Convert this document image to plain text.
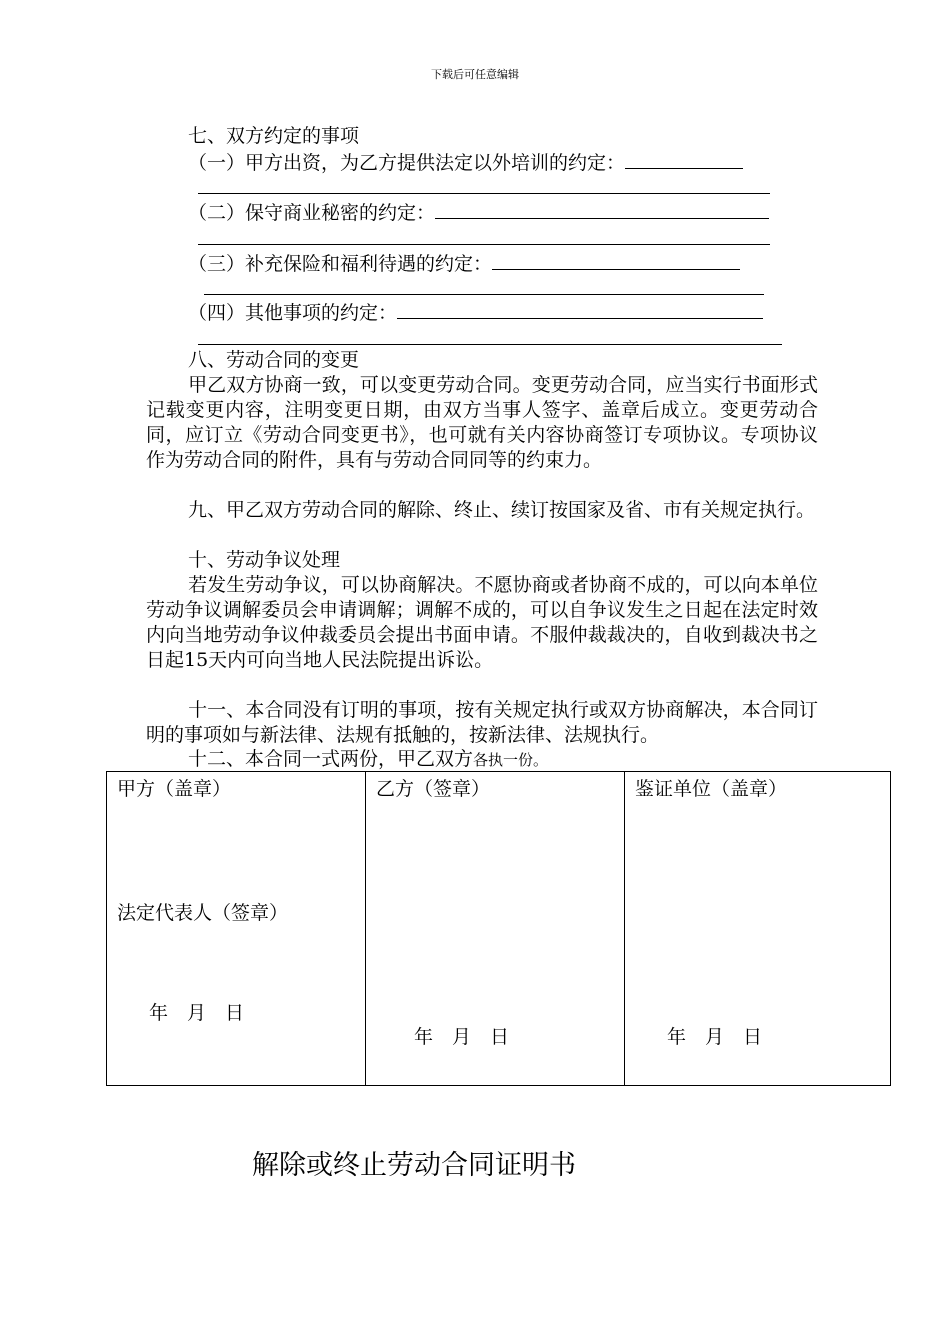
下载后可任意编辑
七、双方约定的事项
（一）甲方出资，为乙方提供法定以外培训的约定：
（二）保守商业秘密的约定：
（三）补充保险和福利待遇的约定：
（四）其他事项的约定：
八、劳动合同的变更
甲乙双方协商一致，可以变更劳动合同。变更劳动合同，应当实行书面形式记载变更内容，注明变更日期，由双方当事人签字、盖章后成立。变更劳动合同，应订立《劳动合同变更书》，也可就有关内容协商签订专项协议。专项协议作为劳动合同的附件，具有与劳动合同同等的约束力。
九、甲乙双方劳动合同的解除、终止、续订按国家及省、市有关规定执行。
十、劳动争议处理
若发生劳动争议，可以协商解决。不愿协商或者协商不成的，可以向本单位劳动争议调解委员会申请调解；调解不成的，可以自争议发生之日起在法定时效内向当地劳动争议仲裁委员会提出书面申请。不服仲裁裁决的，自收到裁决书之日起15天内可向当地人民法院提出诉讼。
十一、本合同没有订明的事项，按有关规定执行或双方协商解决，本合同订明的事项如与新法律、法规有抵触的，按新法律、法规执行。
十二、本合同一式两份，甲乙双方各执一份。
甲方（盖章）
法定代表人（签章）
年　月　日

乙方（签章）
年　月　日

鉴证单位（盖章）
年　月　日
解除或终止劳动合同证明书
